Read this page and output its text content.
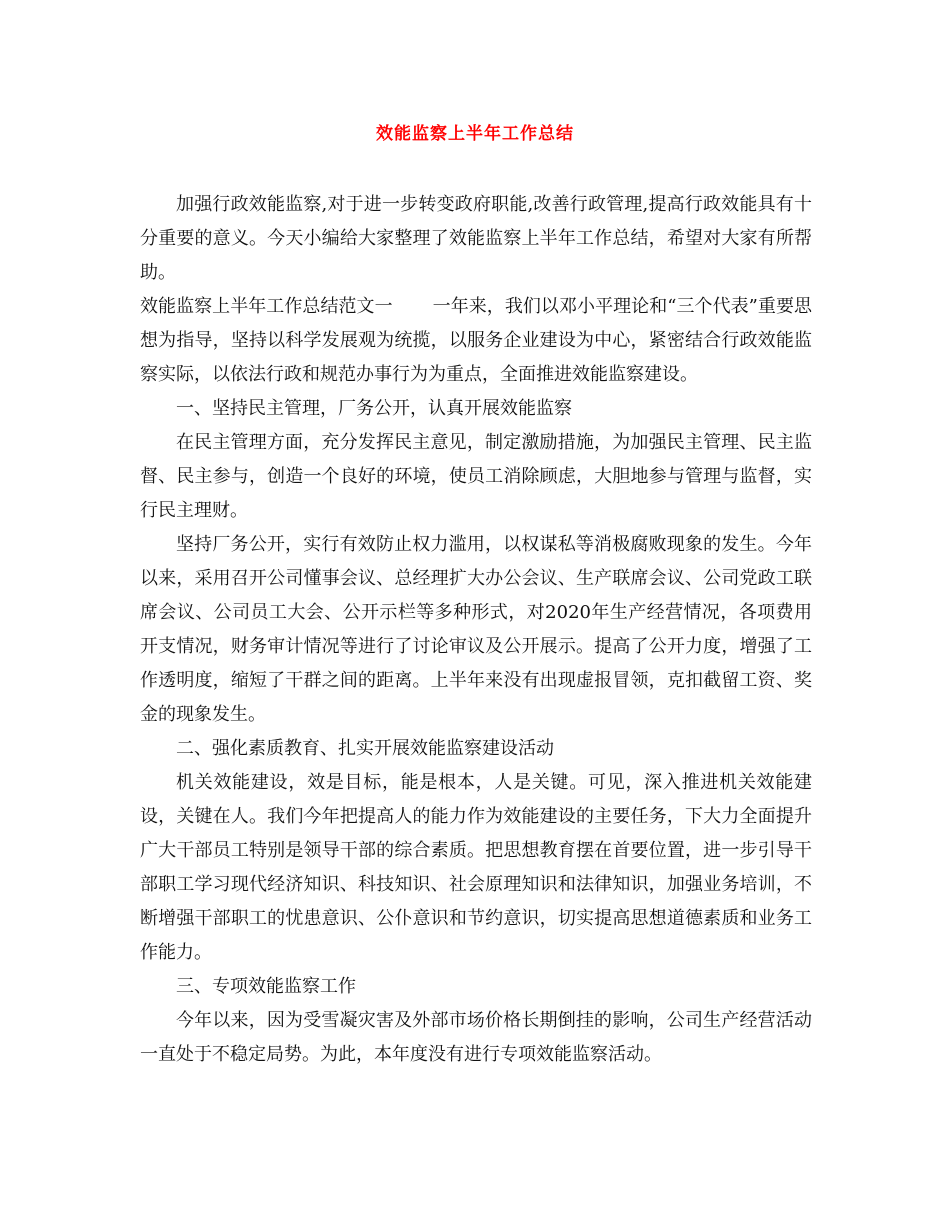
效能监察上半年工作总结

加强行政效能监察,对于进一步转变政府职能,改善行政管理,提高行政效能具有十分重要的意义。今天小编给大家整理了效能监察上半年工作总结，希望对大家有所帮助。

效能监察上半年工作总结范文一 一年来，我们以邓小平理论和“三个代表”重要思想为指导，坚持以科学发展观为统揽，以服务企业建设为中心，紧密结合行政效能监察实际，以依法行政和规范办事行为为重点，全面推进效能监察建设。

一、坚持民主管理，厂务公开，认真开展效能监察

在民主管理方面，充分发挥民主意见，制定激励措施，为加强民主管理、民主监督、民主参与，创造一个良好的环境，使员工消除顾虑，大胆地参与管理与监督，实行民主理财。

坚持厂务公开，实行有效防止权力滥用，以权谋私等消极腐败现象的发生。今年以来，采用召开公司懂事会议、总经理扩大办公会议、生产联席会议、公司党政工联席会议、公司员工大会、公开示栏等多种形式，对2020年生产经营情况，各项费用开支情况，财务审计情况等进行了讨论审议及公开展示。提高了公开力度，增强了工作透明度，缩短了干群之间的距离。上半年来没有出现虚报冒领，克扣截留工资、奖金的现象发生。

二、强化素质教育、扎实开展效能监察建设活动

机关效能建设，效是目标，能是根本，人是关键。可见，深入推进机关效能建设，关键在人。我们今年把提高人的能力作为效能建设的主要任务，下大力全面提升广大干部员工特别是领导干部的综合素质。把思想教育摆在首要位置，进一步引导干部职工学习现代经济知识、科技知识、社会原理知识和法律知识，加强业务培训，不断增强干部职工的忧患意识、公仆意识和节约意识，切实提高思想道德素质和业务工作能力。

三、专项效能监察工作

今年以来，因为受雪凝灾害及外部市场价格长期倒挂的影响，公司生产经营活动一直处于不稳定局势。为此，本年度没有进行专项效能监察活动。
